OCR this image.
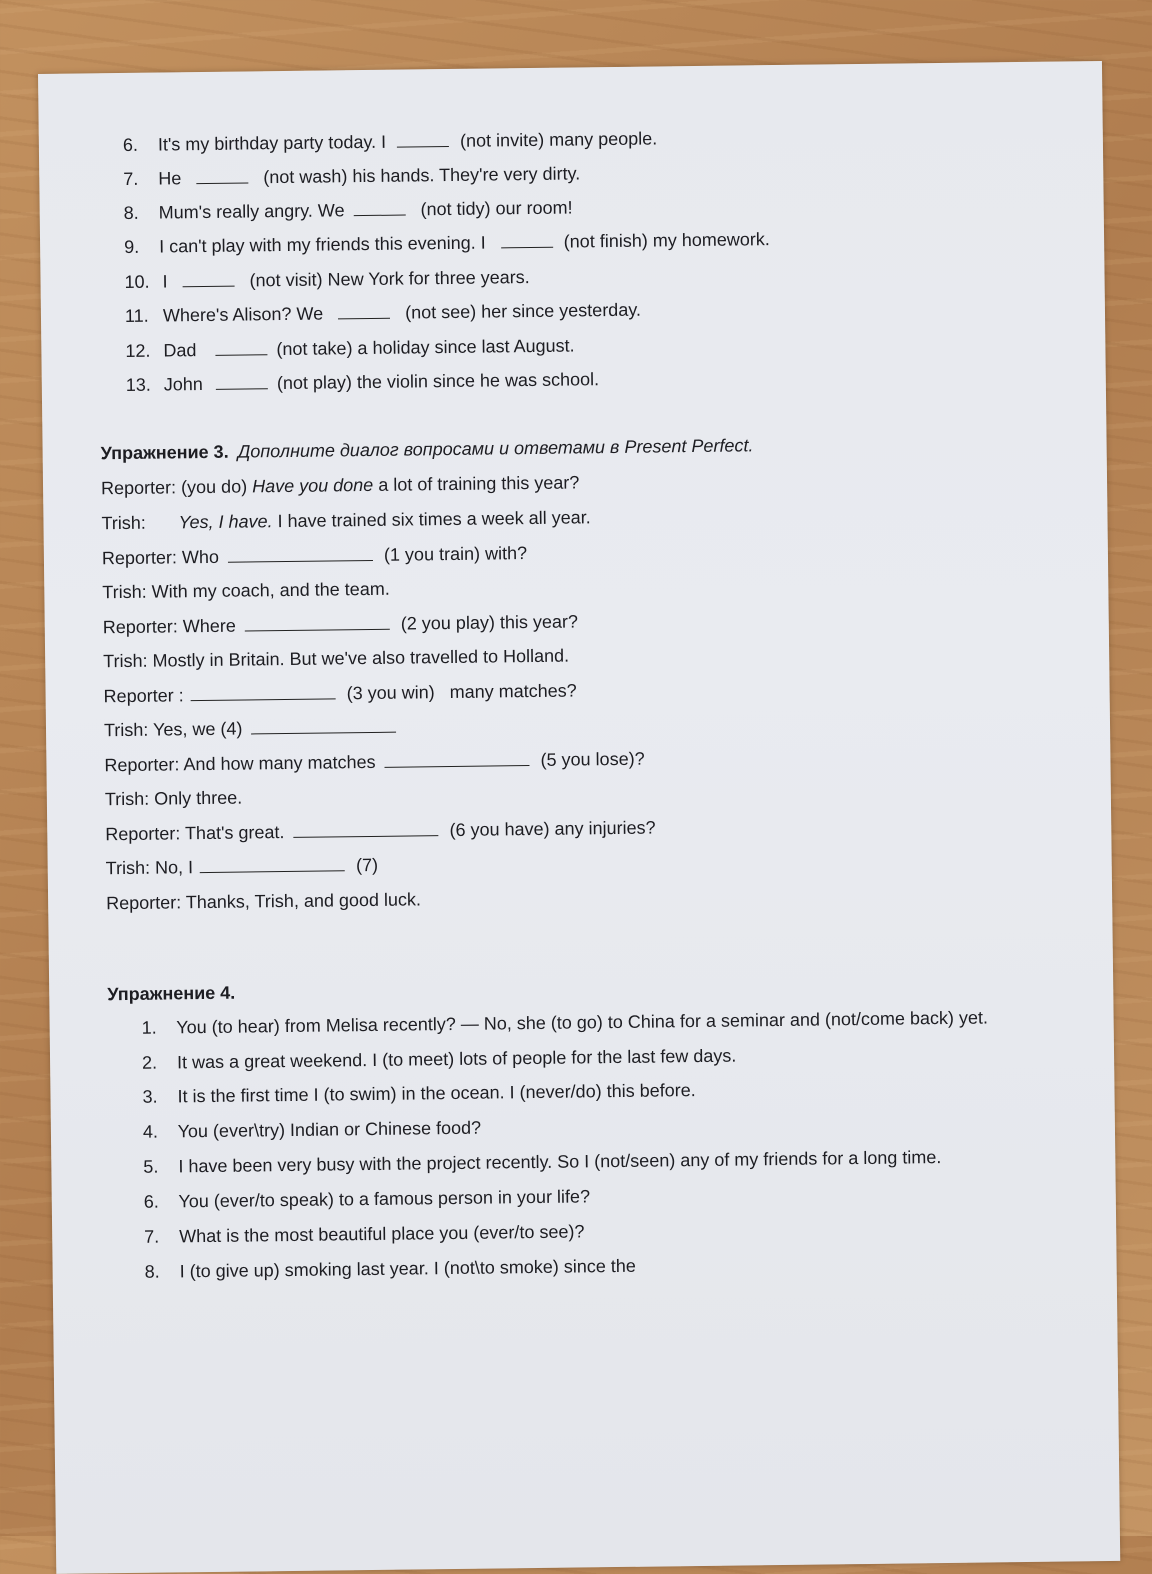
6. It's my birthday party today. I	(not invite) many people.
7. He	(not wash) his hands. They're very dirty.
8. Mum's really angry. We	(not tidy) our room!
9. I can't play with my friends this evening. I	(not finish) my homework.
10. I	(not visit) New York for three years.
11. Where's Alison? We	(not see) her since yesterday.
12. Dad	(not take) a holiday since last August.
13. John	(not play) the violin since he was school.
Упражнение 3. Дополните диалог вопросами и ответами в Present Perfect.
Reporter: (you do) Have you done a lot of training this year?
Trish: Yes, I have. I have trained six times a week all year.
Reporter: Who	(1 you train) with?
Trish: With my coach, and the team.
Reporter: Where	(2 you play) this year?
Trish: Mostly in Britain. But we've also travelled to Holland.
Reporter :	(3 you win)   many matches?
Trish: Yes, we (4)
Reporter: And how many matches	(5 you lose)?
Trish: Only three.
Reporter: That's great.	(6 you have) any injuries?
Trish: No, I	(7)
Reporter: Thanks, Trish, and good luck.
Упражнение 4.
1. You (to hear) from Melisa recently? — No, she (to go) to China for a seminar and (not/come back) yet.
2. It was a great weekend. I (to meet) lots of people for the last few days.
3. It is the first time I (to swim) in the ocean. I (never/do) this before.
4. You (ever\try) Indian or Chinese food?
5. I have been very busy with the project recently. So I (not/seen) any of my friends for a long time.
6. You (ever/to speak) to a famous person in your life?
7. What is the most beautiful place you (ever/to see)?
8. I (to give up) smoking last year. I (not\to smoke) since the
